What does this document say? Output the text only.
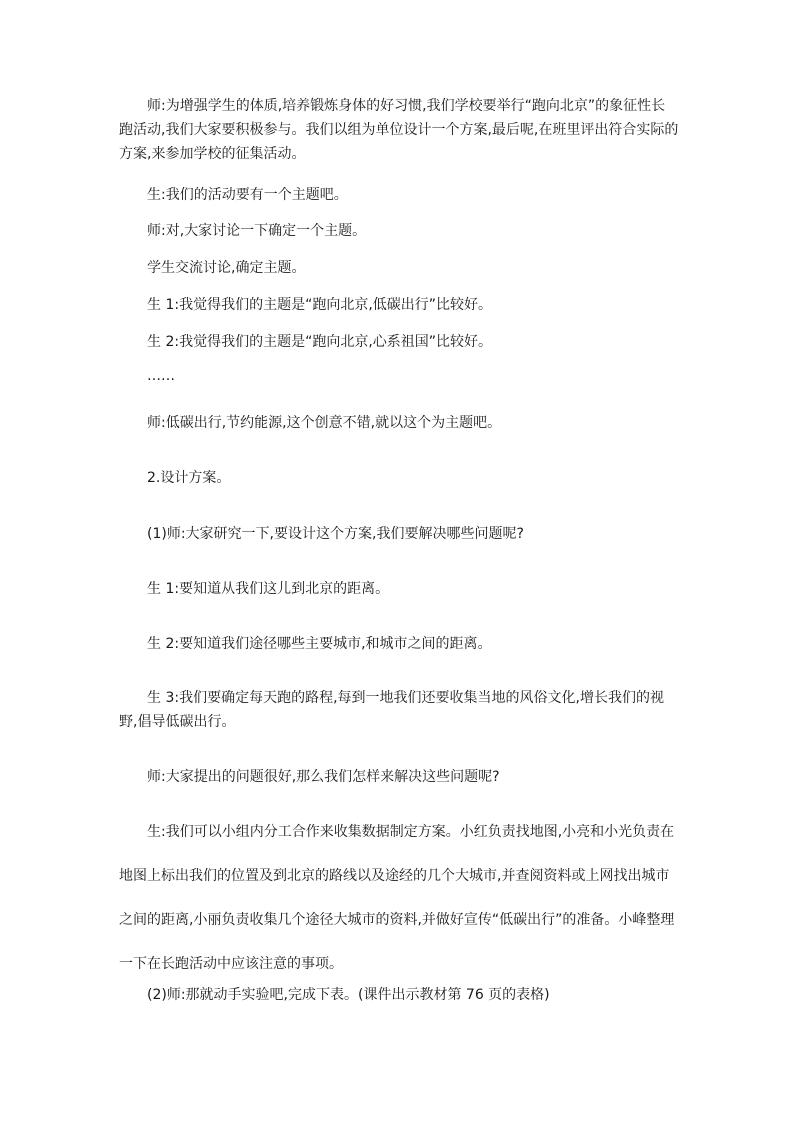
师:为增强学生的体质,培养锻炼身体的好习惯,我们学校要举行“跑向北京”的象征性长跑活动,我们大家要积极参与。我们以组为单位设计一个方案,最后呢,在班里评出符合实际的方案,来参加学校的征集活动。

生:我们的活动要有一个主题吧。

师:对,大家讨论一下确定一个主题。

学生交流讨论,确定主题。

生 1:我觉得我们的主题是“跑向北京,低碳出行”比较好。

生 2:我觉得我们的主题是“跑向北京,心系祖国”比较好。

……

师:低碳出行,节约能源,这个创意不错,就以这个为主题吧。

2.设计方案。

(1)师:大家研究一下,要设计这个方案,我们要解决哪些问题呢?

生 1:要知道从我们这儿到北京的距离。

生 2:要知道我们途径哪些主要城市,和城市之间的距离。

生 3:我们要确定每天跑的路程,每到一地我们还要收集当地的风俗文化,增长我们的视野,倡导低碳出行。

师:大家提出的问题很好,那么我们怎样来解决这些问题呢?

生:我们可以小组内分工合作来收集数据制定方案。小红负责找地图,小亮和小光负责在地图上标出我们的位置及到北京的路线以及途经的几个大城市,并查阅资料或上网找出城市之间的距离,小丽负责收集几个途径大城市的资料,并做好宣传“低碳出行”的准备。小峰整理一下在长跑活动中应该注意的事项。

(2)师:那就动手实验吧,完成下表。(课件出示教材第 76 页的表格)
